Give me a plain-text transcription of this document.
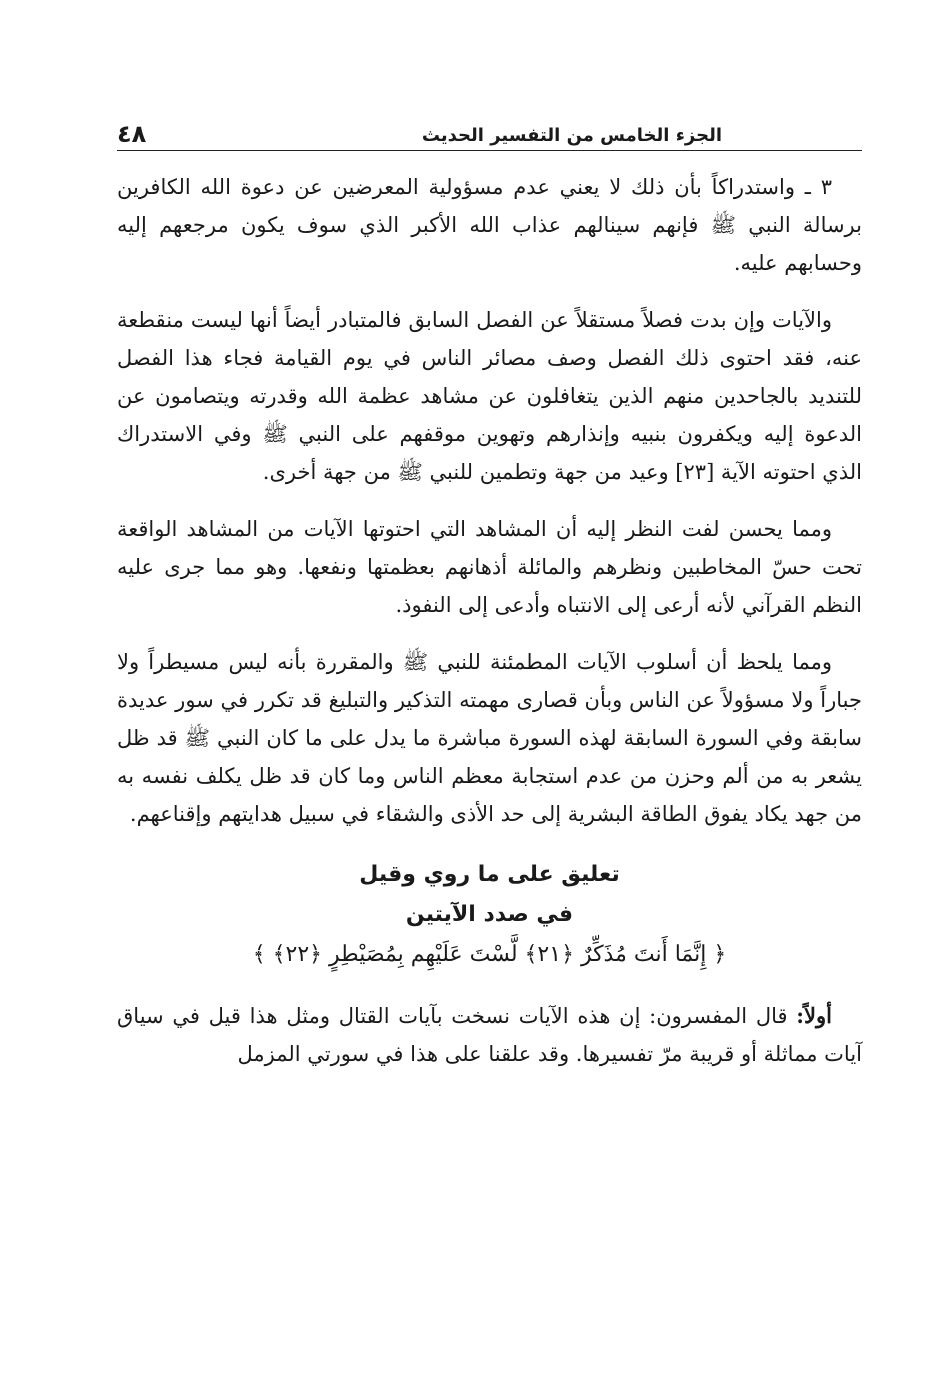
الجزء الخامس من التفسير الحديث
٤٨

٣ ـ واستدراكاً بأن ذلك لا يعني عدم مسؤولية المعرضين عن دعوة الله الكافرين برسالة النبي ﷺ فإنهم سينالهم عذاب الله الأكبر الذي سوف يكون مرجعهم إليه وحسابهم عليه.

والآيات وإن بدت فصلاً مستقلاً عن الفصل السابق فالمتبادر أيضاً أنها ليست منقطعة عنه، فقد احتوى ذلك الفصل وصف مصائر الناس في يوم القيامة فجاء هذا الفصل للتنديد بالجاحدين منهم الذين يتغافلون عن مشاهد عظمة الله وقدرته ويتصامون عن الدعوة إليه ويكفرون بنبيه وإنذارهم وتهوين موقفهم على النبي ﷺ وفي الاستدراك الذي احتوته الآية [٢٣] وعيد من جهة وتطمين للنبي ﷺ من جهة أخرى.

ومما يحسن لفت النظر إليه أن المشاهد التي احتوتها الآيات من المشاهد الواقعة تحت حسّ المخاطبين ونظرهم والمائلة أذهانهم بعظمتها ونفعها. وهو مما جرى عليه النظم القرآني لأنه أرعى إلى الانتباه وأدعى إلى النفوذ.

ومما يلحظ أن أسلوب الآيات المطمئنة للنبي ﷺ والمقررة بأنه ليس مسيطراً ولا جباراً ولا مسؤولاً عن الناس وبأن قصارى مهمته التذكير والتبليغ قد تكرر في سور عديدة سابقة وفي السورة السابقة لهذه السورة مباشرة ما يدل على ما كان النبي ﷺ قد ظل يشعر به من ألم وحزن من عدم استجابة معظم الناس وما كان قد ظل يكلف نفسه به من جهد يكاد يفوق الطاقة البشرية إلى حد الأذى والشقاء في سبيل هدايتهم وإقناعهم.

تعليق على ما روي وقيل
في صدد الآيتين
﴿ إِنَّمَا أَنتَ مُذَكِّرٌ ﴿٢١﴾ لَّسْتَ عَلَيْهِم بِمُصَيْطِرٍ ﴿٢٢﴾ ﴾

أولاً: قال المفسرون: إن هذه الآيات نسخت بآيات القتال ومثل هذا قيل في سياق آيات مماثلة أو قريبة مرّ تفسيرها. وقد علقنا على هذا في سورتي المزمل
